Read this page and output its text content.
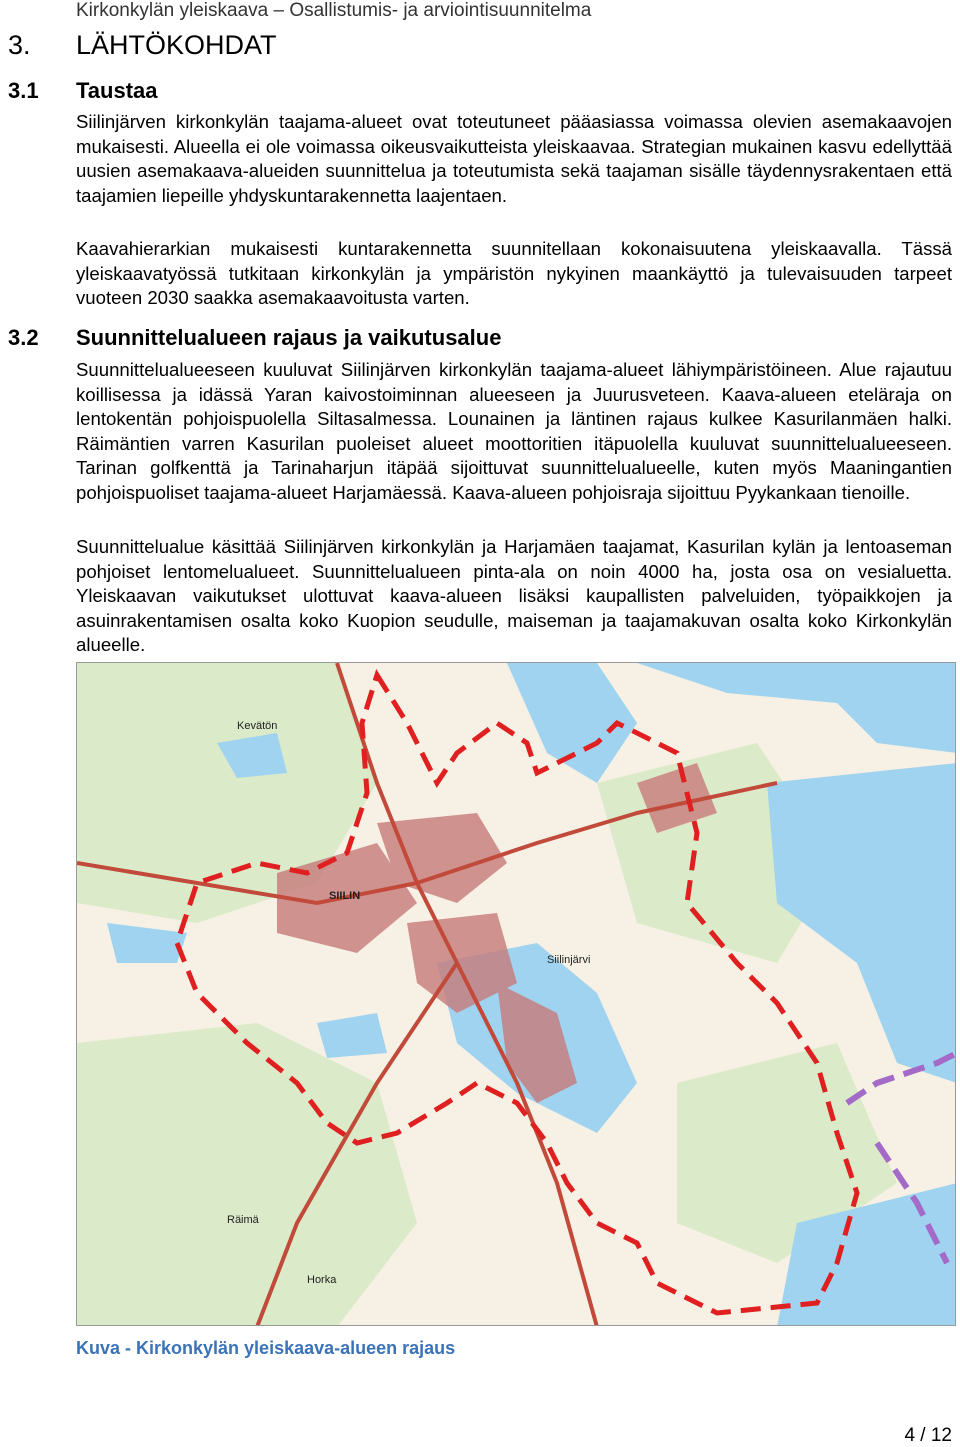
Kirkonkylän yleiskaava – Osallistumis- ja arviointisuunnitelma
3. LÄHTÖKOHDAT
3.1 Taustaa

Siilinjärven kirkonkylän taajama-alueet ovat toteutuneet pääasiassa voimassa olevien asemakaavojen mukaisesti. Alueella ei ole voimassa oikeusvaikutteista yleiskaavaa. Strategian mukainen kasvu edellyttää uusien asemakaava-alueiden suunnittelua ja toteutumista sekä taajaman sisälle täydennysrakentaen että taajamien liepeille yhdyskuntarakennetta laajentaen.

Kaavahierarkian mukaisesti kuntarakennetta suunnitellaan kokonaisuutena yleiskaavalla. Tässä yleiskaavatyössä tutkitaan kirkonkylän ja ympäristön nykyinen maankäyttö ja tulevaisuuden tarpeet vuoteen 2030 saakka asemakaavoitusta varten.

3.2 Suunnittelualueen rajaus ja vaikutusalue

Suunnittelualueeseen kuuluvat Siilinjärven kirkonkylän taajama-alueet lähiympäristöineen. Alue rajautuu koillisessa ja idässä Yaran kaivostoiminnan alueeseen ja Juurusveteen. Kaava-alueen eteläraja on lentokentän pohjoispuolella Siltasalmessa. Lounainen ja läntinen rajaus kulkee Kasurilanmäen halki. Räimäntien varren Kasurilan puoleiset alueet moottoritien itäpuolella kuuluvat suunnittelualueeseen. Tarinan golfkenttä ja Tarinaharjun itäpää sijoittuvat suunnittelualueelle, kuten myös Maaningantien pohjoispuoliset taajama-alueet Harjamäessä. Kaava-alueen pohjoisraja sijoittuu Pyykankaan tienoille.

Suunnittelualue käsittää Siilinjärven kirkonkylän ja Harjamäen taajamat, Kasurilan kylän ja lentoaseman pohjoiset lentomelualueet. Suunnittelualueen pinta-ala on noin 4000 ha, josta osa on vesialuetta. Yleiskaavan vaikutukset ulottuvat kaava-alueen lisäksi kaupallisten palveluiden, työpaikkojen ja asuinrakentamisen osalta koko Kuopion seudulle, maiseman ja taajamakuvan osalta koko Kirkonkylän alueelle.

Kevätön
SIILIN
Siilinjärvi
Räimä
Horka
Kuva - Kirkonkylän yleiskaava-alueen rajaus
4 / 12
